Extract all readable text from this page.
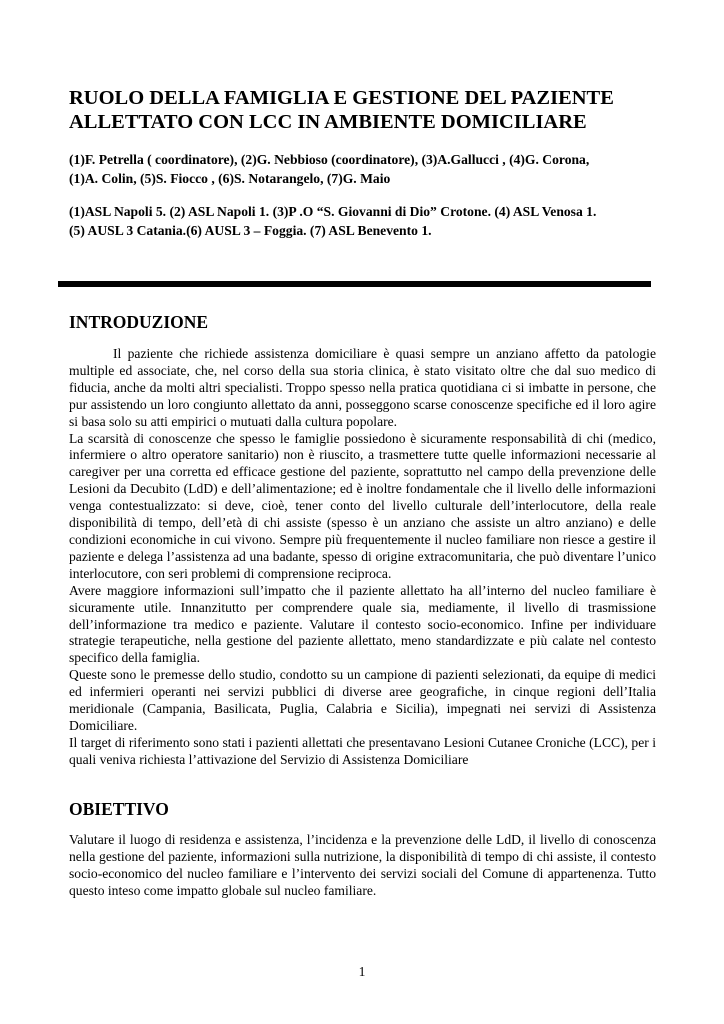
RUOLO DELLA FAMIGLIA E GESTIONE DEL PAZIENTE
ALLETTATO CON LCC IN AMBIENTE DOMICILIARE
(1)F. Petrella ( coordinatore), (2)G. Nebbioso (coordinatore), (3)A.Gallucci , (4)G. Corona,
(1)A. Colin, (5)S. Fiocco , (6)S. Notarangelo, (7)G. Maio
(1)ASL Napoli 5. (2) ASL Napoli 1. (3)P .O “S. Giovanni di Dio” Crotone. (4) ASL Venosa 1.
(5) AUSL 3 Catania.(6) AUSL 3 – Foggia. (7) ASL Benevento 1.
INTRODUZIONE

Il paziente che richiede assistenza domiciliare è quasi sempre un anziano affetto da patologie multiple ed associate, che, nel corso della sua storia clinica, è stato visitato oltre che dal suo medico di fiducia, anche da molti altri specialisti. Troppo spesso nella pratica quotidiana ci si imbatte in persone, che pur assistendo un loro congiunto allettato da anni, posseggono scarse conoscenze specifiche ed il loro agire si basa solo su atti empirici o mutuati dalla cultura popolare.

La scarsità di conoscenze che spesso le famiglie possiedono è sicuramente responsabilità di chi (medico, infermiere o altro operatore sanitario) non è riuscito, a trasmettere tutte quelle informazioni necessarie al caregiver per una corretta ed efficace gestione del paziente, soprattutto nel campo della prevenzione delle Lesioni da Decubito (LdD) e dell’alimentazione; ed è inoltre fondamentale che il livello delle informazioni venga contestualizzato: si deve, cioè, tener conto del livello culturale dell’interlocutore, della reale disponibilità di tempo, dell’età di chi assiste (spesso è un anziano che assiste un altro anziano) e delle condizioni economiche in cui vivono. Sempre più frequentemente il nucleo familiare non riesce a gestire il paziente e delega l’assistenza ad una badante, spesso di origine extracomunitaria, che può diventare l’unico interlocutore, con seri problemi di comprensione reciproca.

Avere maggiore informazioni sull’impatto che il paziente allettato ha all’interno del nucleo familiare è sicuramente utile. Innanzitutto per comprendere quale sia, mediamente, il livello di trasmissione dell’informazione tra medico e paziente. Valutare il contesto socio-economico. Infine per individuare strategie terapeutiche, nella gestione del paziente allettato, meno standardizzate e più calate nel contesto specifico della famiglia.

Queste sono le premesse dello studio, condotto su un campione di pazienti selezionati, da equipe di medici ed infermieri operanti nei servizi pubblici di diverse aree geografiche, in cinque regioni dell’Italia meridionale (Campania, Basilicata, Puglia, Calabria e Sicilia), impegnati nei servizi di Assistenza Domiciliare.

Il target di riferimento sono stati i pazienti allettati che presentavano Lesioni Cutanee Croniche (LCC), per i quali veniva richiesta l’attivazione del Servizio di Assistenza Domiciliare

OBIETTIVO

Valutare il luogo di residenza e assistenza, l’incidenza e la prevenzione delle LdD, il livello di conoscenza nella gestione del paziente, informazioni sulla nutrizione, la disponibilità di tempo di chi assiste, il contesto socio-economico del nucleo familiare e l’intervento dei servizi sociali del Comune di appartenenza. Tutto questo inteso come impatto globale sul nucleo familiare.

1
